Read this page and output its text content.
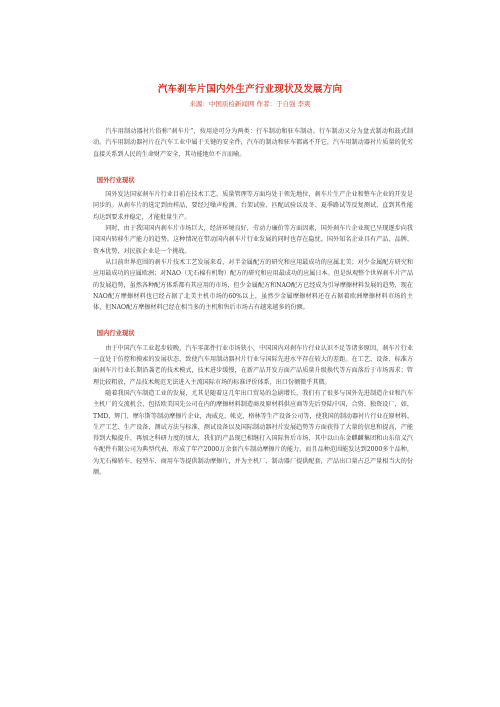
汽车刹车片国内外生产行业现状及发展方向
来源：中国质检新闻网 作者：于自强 李爽

汽车用制动器衬片俗称“刹车片”，按用途可分为两类：行车制动和驻车制动。行车制动又分为盘式制动和鼓式制动。汽车用制动器衬片在汽车工业中属于关键的安全件，汽车的制动和驻车都离不开它，汽车用制动器衬片质量的优劣直接关系到人民的生命财产安全，其功能地位不言而喻。

国外行业现状

国外发达国家刹车片行业目前在技术工艺、质量管理等方面均处于领先地位，刹车片生产企业和整车企业的开发是同步的。从刹车片的选定到由样品，要经过噪声检测、台架试验、匹配试验以及冬、夏季路试等反复测试，直到其性能均达到要求并稳定，才能批量生产。

同时，由于我国国内刹车片市场巨大，经济环境良好，劳动力廉价等方面因素，国外刹车片企业现已呈现逐步向我国国内转移生产能力的趋势。这种情况在带动国内刹车片行业发展的同时也存在隐忧。国外知名企业具有产品、品牌、资本优势，对民族企业是一个挑战。

从目前世界范围的刹车片技术工艺发展来看，对半金属配方的研究和应用最成功的应属北美；对少金属配方研究和应用最成功的应属欧洲；对NAO（无石棉有机物）配方的研究和应用最成功的应属日本。但是纵观整个世界刹车片产品的发展趋势，虽然各种配方体系都有其应用的市场，但少金属配方和NAO配方已经成为引导摩擦材料发展的趋势，现在NAO配方摩擦材料也已经占据了北美主机市场的60%以上，虽然少金属摩擦材料还在占据着欧洲摩擦材料市场的主体，但NAO配方摩擦材料已经在相当多的主机和售后市场占有越来越多的份额。

国内行业现状

由于中国汽车工业起步较晚，汽车零部件行业市场狭小，中国国内对刹车片行业认识不足等诸多原因，刹车片行业一直处于仿控和摸索的发展状态，致使汽车用制动器衬片行业与国际先进水平存在较大的差距。在工艺、设备、标准方面刹车片行业长期沿袭老的技术模式，技术进步缓慢，在新产品开发方面产品质量升级换代等方面落后于市场需求；管理比较粗放，产品技术规范无法进入主流国际市场的标准评价体系，出口份额微乎其微。

随着我国汽车制造工业的发展，尤其是随着这几年出口贸易的急剧增长，我们有了很多与国外先进制造企业和汽车主机厂的交流机会，包括欧美国先公司在内的摩擦材料制造商及原材料供应商等先后登陆中国，合资、独资设厂，如，TMD、辉门、摩尔斯等制动摩擦片企业，海威克、帐克、格林等生产设备公司等，使我国的制动器衬片行业在原材料、生产工艺、生产设备、测试方法与标准、测试设备以及国际制动器衬片发展趋势等方面获得了大量的信息和提高，产能得到大幅提升，再加之科研力度的加大，我们的产品现已相继打入国际售后市场，其中以山东金麒麟集团和山东信义汽车配件有限公司为典型代表，形成了年产2000万余套汽车制动摩擦片的能力，而且品种范围能发达到2000多个品种，为无石棉轿车、轻型车、商用车等提供制动摩擦片，并为主机厂、制动器厂提供配套，产品出口量占总产量相当大的份额。
